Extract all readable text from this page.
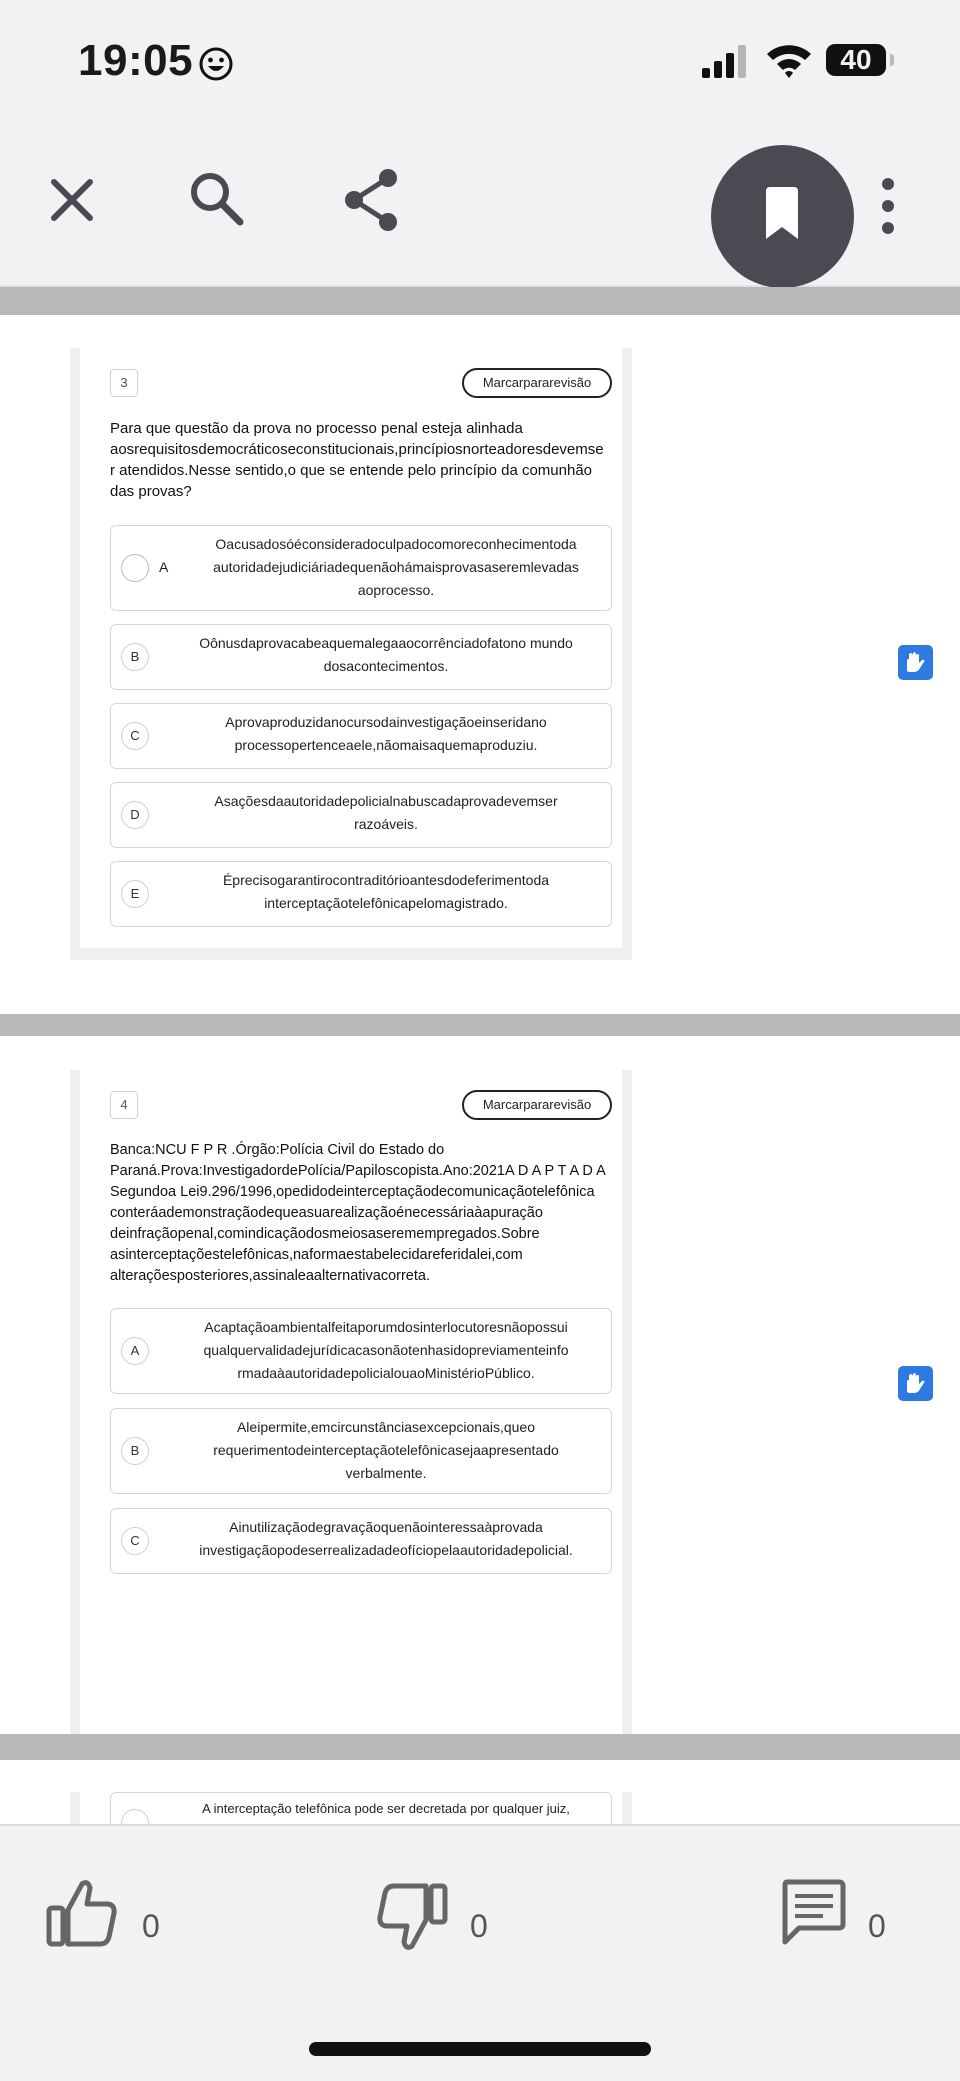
19:05	40
3	Marcarpararevisão
Para que questão da prova no processo penal esteja alinhada aosrequisitosdemocráticoseconstitucionais,princípiosnorteadoresdevemse r atendidos.Nesse sentido,o que se entende pelo princípio da comunhão das provas?
A
Oacusadosóéconsideradoculpadocomoreconhecimentoda autoridadejudiciáriadequenãohámaisprovasaseremlevadas aoprocesso.
B
Oônusdaprovacabeaquemalegaaocorrênciadofatono mundo dosacontecimentos.
C
Aprovaproduzidanocursodainvestigaçãoeinseridano processopertenceaele,nãomaisaquemaproduziu.
D
Asaçõesdaautoridadepolicialnabuscadaprovadevemser razoáveis.
E
Éprecisogarantirocontraditórioantesdodeferimentoda interceptaçãotelefônicapelomagistrado.
4	Marcarpararevisão
Banca:NCU F P R .Órgão:Polícia Civil do Estado do Paraná.Prova:InvestigadordePolícia/Papiloscopista.Ano:2021A D A P T A D A Segundoa Lei9.296/1996,opedidodeinterceptaçãodecomunicaçãotelefônica conteráademonstraçãodequeasuarealizaçãoénecessáriaàapuração deinfraçãopenal,comindicaçãodosmeiosaseremempregados.Sobre asinterceptaçõestelefônicas,naformaestabelecidareferidalei,com alteraçõesposteriores,assinaleaalternativacorreta.
A
Acaptaçãoambientalfeitaporumdosinterlocutoresnãopossui qualquervalidadejurídicacasonãotenhasidopreviamenteinfo rmadaàautoridadepolicialouaoMinistérioPúblico.
B
Aleipermite,emcircunstânciasexcepcionais,queo requerimentodeinterceptaçãotelefônicasejaapresentado verbalmente.
C
Ainutilizaçãodegravaçãoquenãointeressaàprovada investigaçãopodeserrealizadadeofíciopelaautoridadepolicial.
A interceptação telefônica pode ser decretada por qualquer juiz,
0	0	0
